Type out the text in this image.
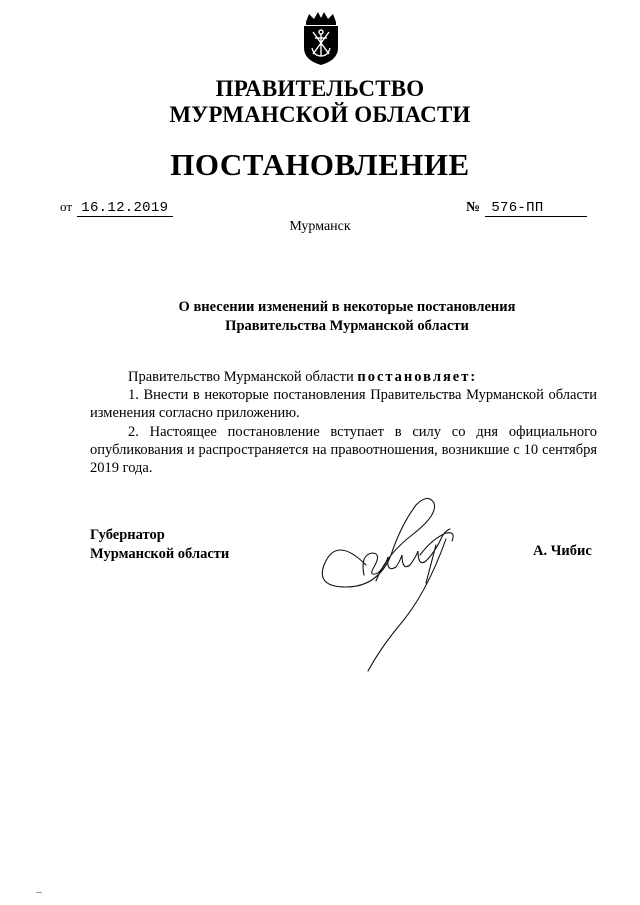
ПРАВИТЕЛЬСТВО
МУРМАНСКОЙ ОБЛАСТИ
ПОСТАНОВЛЕНИЕ
от 16.12.2019	№ 576-ПП
Мурманск
О внесении изменений в некоторые постановления
Правительства Мурманской области

Правительство Мурманской области постановляет:

1. Внести в некоторые постановления Правительства Мурманской области изменения согласно приложению.

2. Настоящее постановление вступает в силу со дня официального опубликования и распространяется на правоотношения, возникшие с 10 сентября 2019 года.

Губернатор
Мурманской области	А. Чибис
